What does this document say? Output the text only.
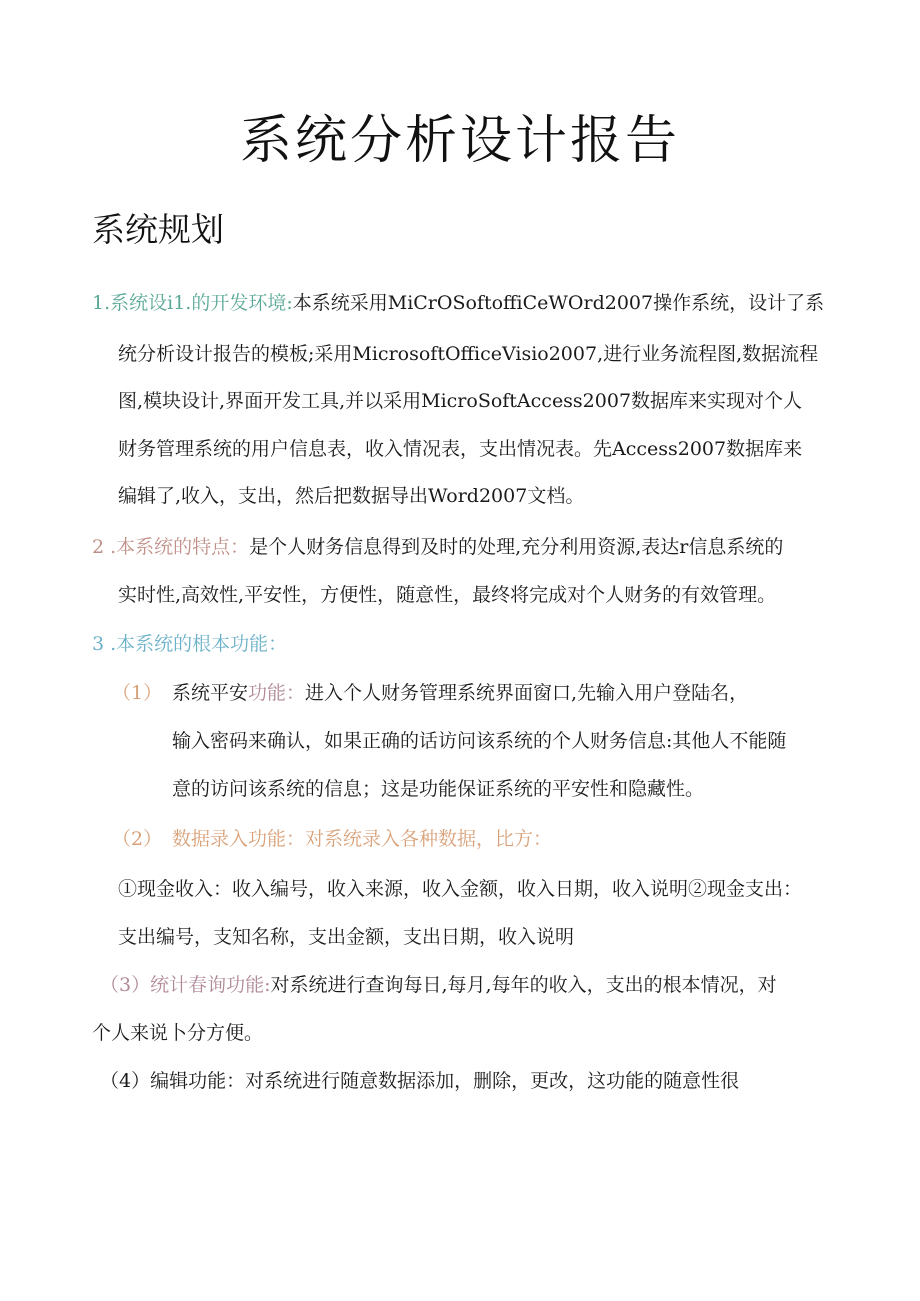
系统分析设计报告
系统规划
1.系统设i1.的开发环境:本系统采用MiCrOSoftoffiCeWOrd2007操作系统，设计了系
统分析设计报告的模板;采用MicrosoftOfficeVisio2007,进行业务流程图,数据流程
图,模块设计,界面开发工具,并以采用MicroSoftAccess2007数据库来实现对个人
财务管理系统的用户信息表，收入情况表，支出情况表。先Access2007数据库来
编辑了,收入，支出，然后把数据导出Word2007文档。
2 .本系统的特点：是个人财务信息得到及时的处理,充分利用资源,表达r信息系统的
实时性,高效性,平安性，方便性，随意性，最终将完成对个人财务的有效管理。
3 .本系统的根本功能：
（1） 系统平安功能：进入个人财务管理系统界面窗口,先输入用户登陆名，
输入密码来确认，如果正确的话访问该系统的个人财务信息:其他人不能随
意的访问该系统的信息；这是功能保证系统的平安性和隐藏性。
（2） 数据录入功能：对系统录入各种数据，比方：
①现金收入：收入编号，收入来源，收入金额，收入日期，收入说明②现金支出：
支出编号，支知名称，支出金额，支出日期，收入说明
（3）统计春询功能:对系统进行查询每日,每月,每年的收入，支出的根本情况，对
个人来说卜分方便。
（4）编辑功能：对系统进行随意数据添加，删除，更改，这功能的随意性很
